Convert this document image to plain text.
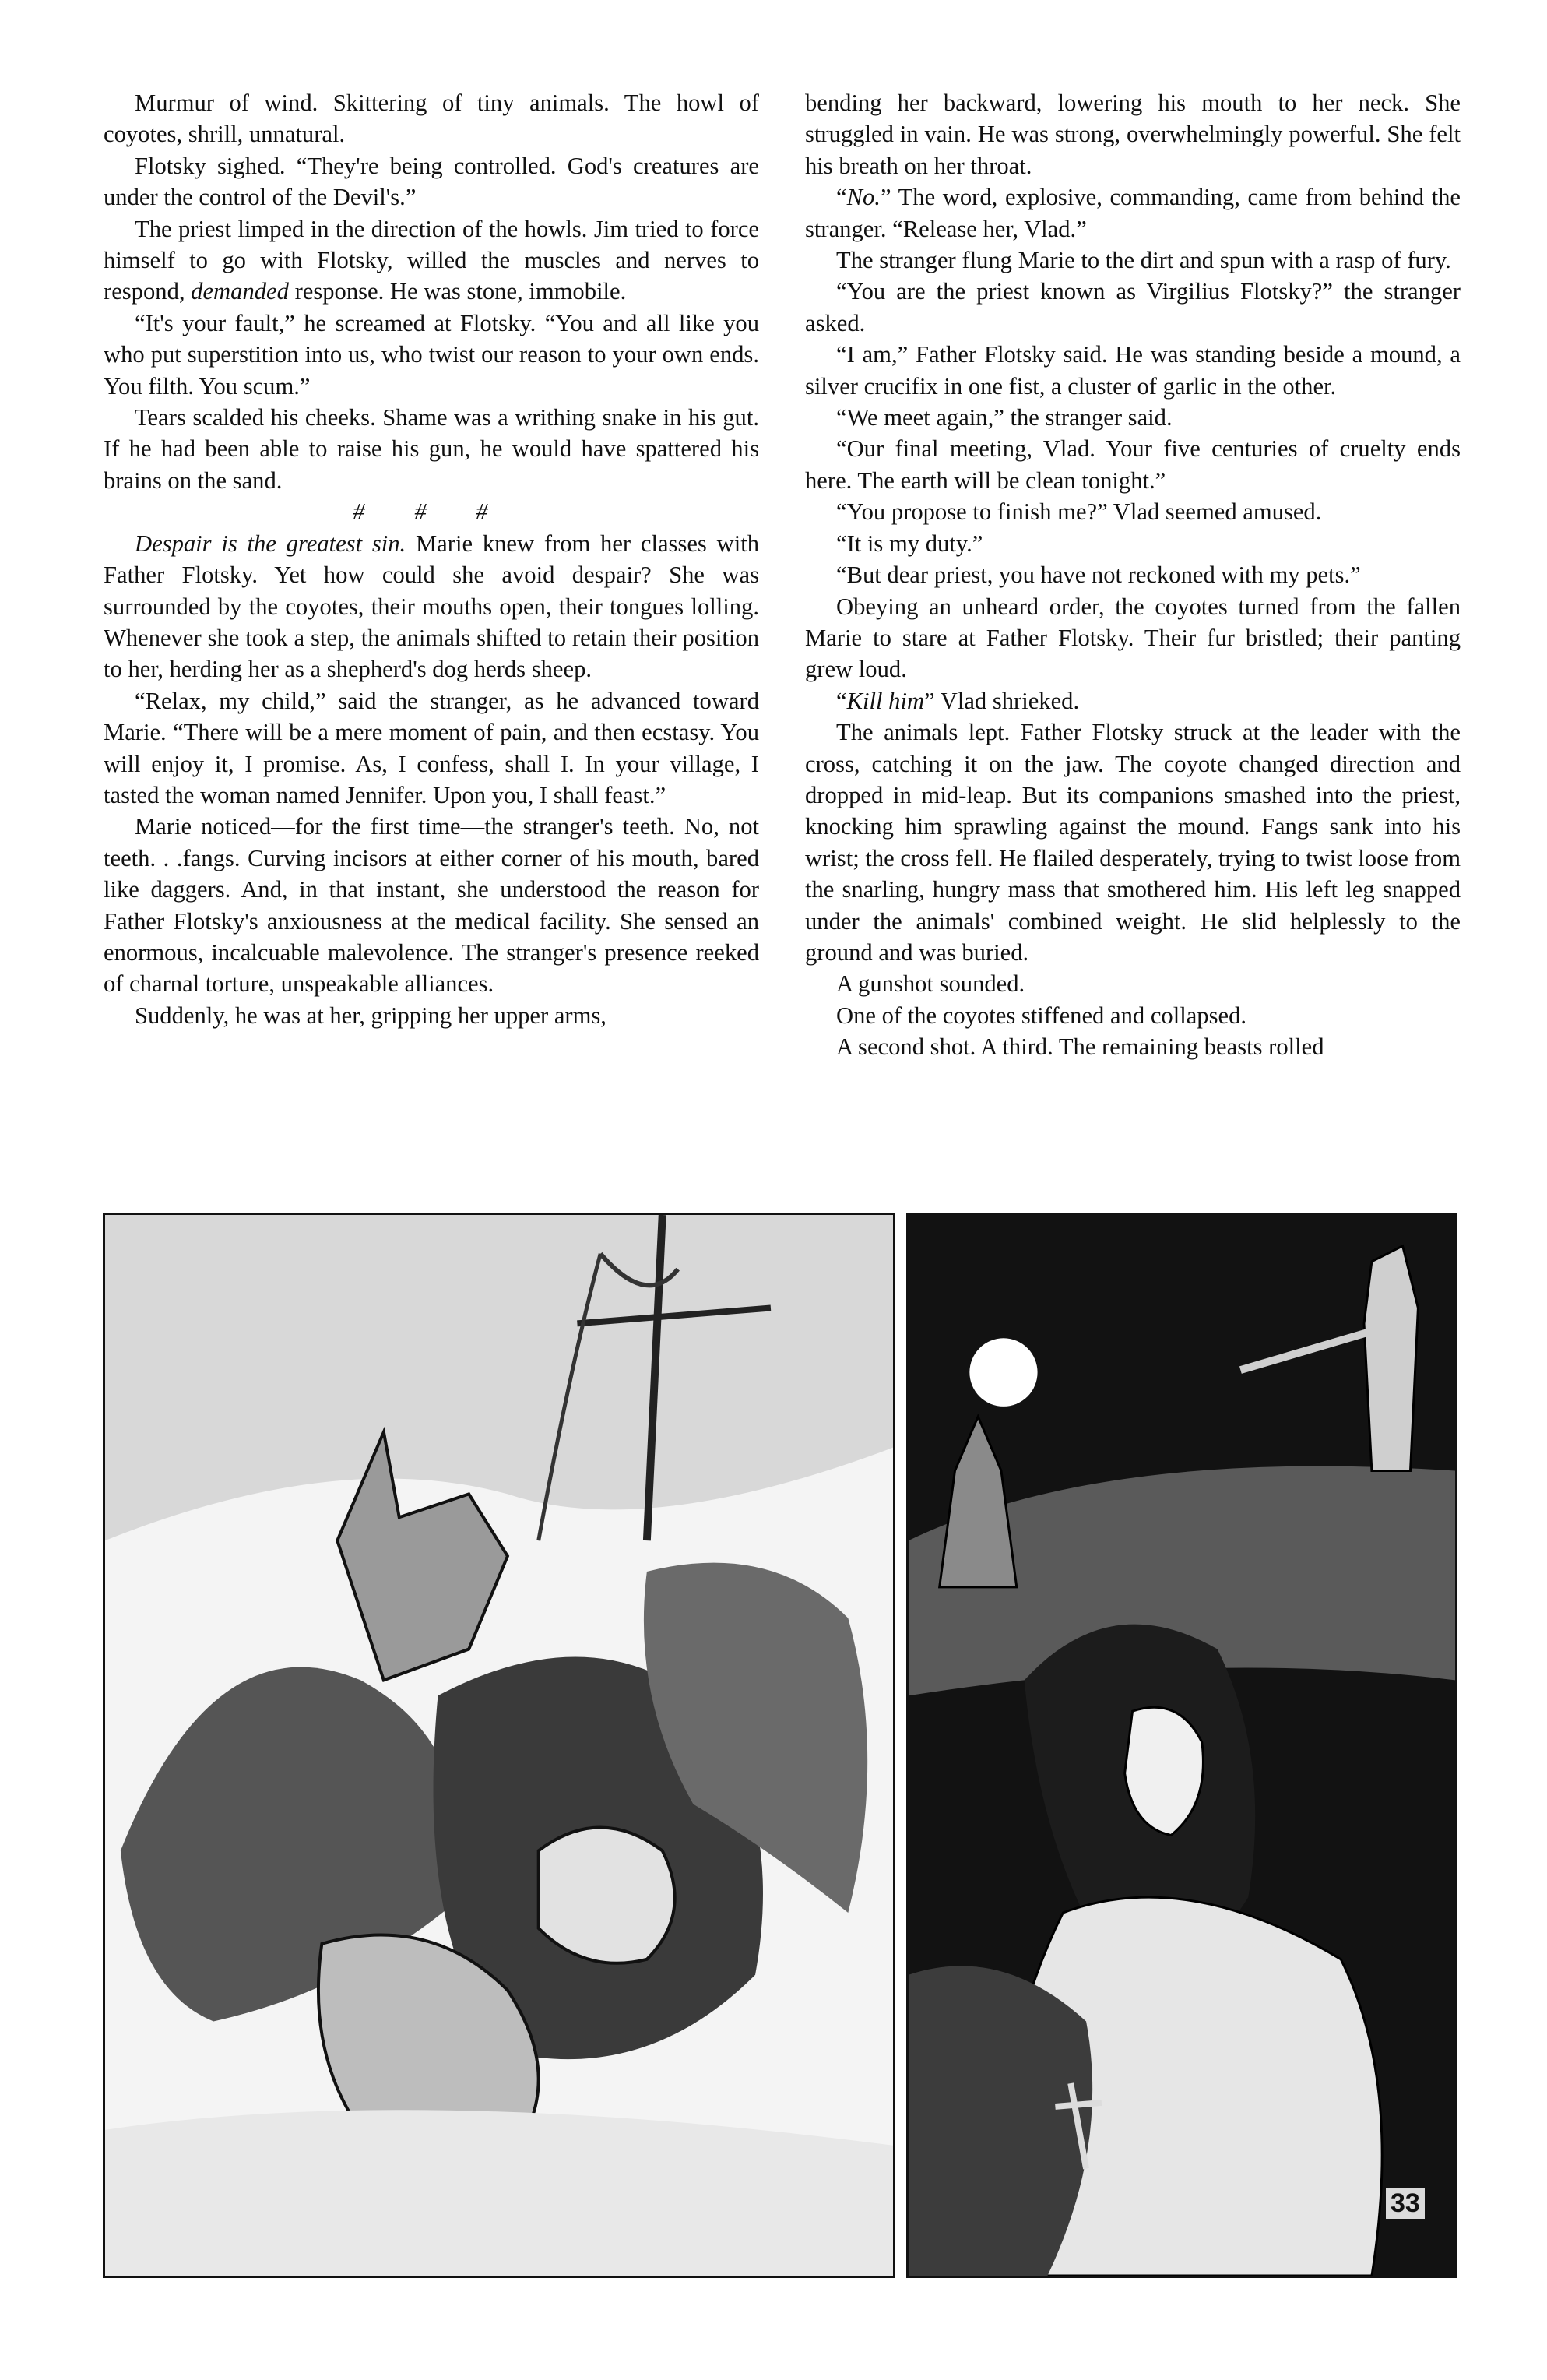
Murmur of wind. Skittering of tiny animals. The howl of coyotes, shrill, unnatural.

Flotsky sighed. “They're being controlled. God's creatures are under the control of the Devil's.”

The priest limped in the direction of the howls. Jim tried to force himself to go with Flotsky, willed the muscles and nerves to respond, demanded response. He was stone, immobile.

“It's your fault,” he screamed at Flotsky. “You and all like you who put superstition into us, who twist our reason to your own ends. You filth. You scum.”

Tears scalded his cheeks. Shame was a writhing snake in his gut. If he had been able to raise his gun, he would have spattered his brains on the sand.

# # #

Despair is the greatest sin. Marie knew from her classes with Father Flotsky. Yet how could she avoid despair? She was surrounded by the coyotes, their mouths open, their tongues lolling. Whenever she took a step, the animals shifted to retain their position to her, herding her as a shepherd's dog herds sheep.

“Relax, my child,” said the stranger, as he advanced toward Marie. “There will be a mere moment of pain, and then ecstasy. You will enjoy it, I promise. As, I confess, shall I. In your village, I tasted the woman named Jennifer. Upon you, I shall feast.”

Marie noticed—for the first time—the stranger's teeth. No, not teeth. . .fangs. Curving incisors at either corner of his mouth, bared like daggers. And, in that instant, she understood the reason for Father Flotsky's anxiousness at the medical facility. She sensed an enormous, incalcuable malevolence. The stranger's presence reeked of charnal torture, unspeakable alliances.

Suddenly, he was at her, gripping her upper arms,

bending her backward, lowering his mouth to her neck. She struggled in vain. He was strong, overwhelmingly powerful. She felt his breath on her throat.

“No.” The word, explosive, commanding, came from behind the stranger. “Release her, Vlad.”

The stranger flung Marie to the dirt and spun with a rasp of fury.

“You are the priest known as Virgilius Flotsky?” the stranger asked.

“I am,” Father Flotsky said. He was standing beside a mound, a silver crucifix in one fist, a cluster of garlic in the other.

“We meet again,” the stranger said.

“Our final meeting, Vlad. Your five centuries of cruelty ends here. The earth will be clean tonight.”

“You propose to finish me?” Vlad seemed amused.

“It is my duty.”

“But dear priest, you have not reckoned with my pets.”

Obeying an unheard order, the coyotes turned from the fallen Marie to stare at Father Flotsky. Their fur bristled; their panting grew loud.

“Kill him” Vlad shrieked.

The animals lept. Father Flotsky struck at the leader with the cross, catching it on the jaw. The coyote changed direction and dropped in mid-leap. But its companions smashed into the priest, knocking him sprawling against the mound. Fangs sank into his wrist; the cross fell. He flailed desperately, trying to twist loose from the snarling, hungry mass that smothered him. His left leg snapped under the animals' combined weight. He slid helplessly to the ground and was buried.

A gunshot sounded.

One of the coyotes stiffened and collapsed.

A second shot. A third. The remaining beasts rolled

33
